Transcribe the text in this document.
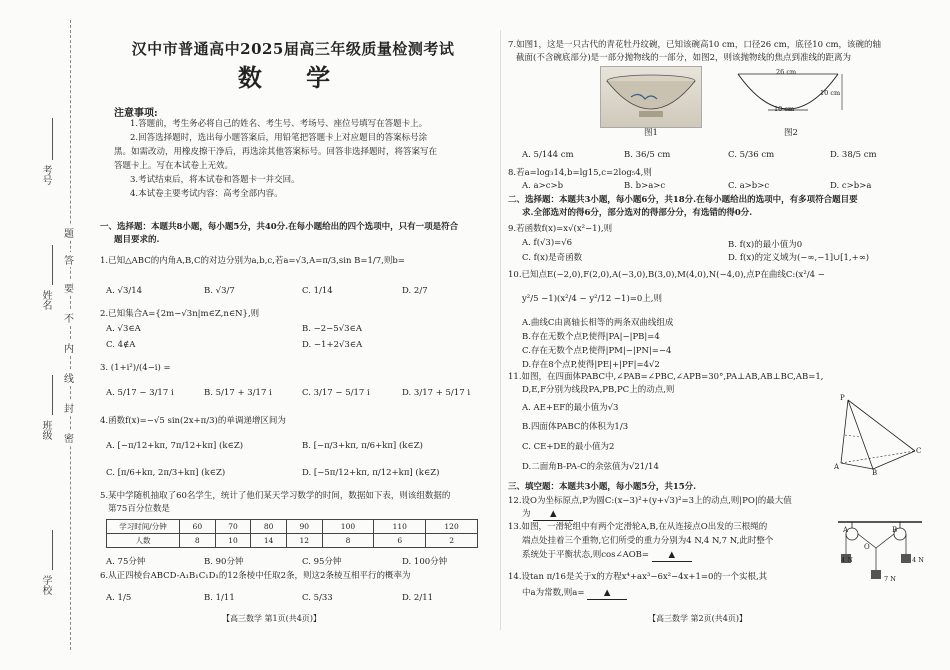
考号
姓名
班级
学校
题
答
要
不
内
线
封
密
汉中市普通高中2025届高三年级质量检测考试
数 学
注意事项:
1.答题前，考生务必将自己的姓名、考生号、考场号、座位号填写在答题卡上。
2.回答选择题时，选出每小题答案后，用铅笔把答题卡上对应题目的答案标号涂
黑。如需改动，用橡皮擦干净后，再选涂其他答案标号。回答非选择题时，将答案写在
答题卡上。写在本试卷上无效。
3.考试结束后，将本试卷和答题卡一并交回。
4.本试卷主要考试内容：高考全部内容。
一、选择题：本题共8小题，每小题5分，共40分.在每小题给出的四个选项中，只有一项是符合
题目要求的.
1.已知△ABC的内角A,B,C的对边分别为a,b,c,若a=√3,A=π/3,sin B=1/7,则b=
A. √3/14	B. √3/7	C. 1/14	D. 2/7
2.已知集合A={2m−√3n|m∈Z,n∈N},则
A. √3∈A	B. −2−5√3∈A
C. 4∉A	D. −1+2√3∈A
3. (1+i²)/(4−i) =
A. 5/17 − 3/17 i	B. 5/17 + 3/17 i	C. 3/17 − 5/17 i	D. 3/17 + 5/17 i
4.函数f(x)=−√5 sin(2x+π/3)的单调递增区间为
A. [−π/12+kπ, 7π/12+kπ] (k∈Z)	B. [−π/3+kπ, π/6+kπ] (k∈Z)
C. [π/6+kπ, 2π/3+kπ] (k∈Z)	D. [−5π/12+kπ, π/12+kπ] (k∈Z)
5.某中学随机抽取了60名学生，统计了他们某天学习数学的时间，数据如下表，则该组数据的
第75百分位数是
学习时间/分钟	60	70	80	90	100	110	120
人数	8	10	14	12	8	6	2
A. 75分钟	B. 90分钟	C. 95分钟	D. 100分钟
6.从正四棱台ABCD-A₁B₁C₁D₁的12条棱中任取2条，则这2条棱互相平行的概率为
A. 1/5	B. 1/11	C. 5/33	D. 2/11
【高三数学 第1页(共4页)】
7.如图1，这是一只古代的青花牡丹纹碗，已知该碗高10 cm，口径26 cm，底径10 cm，该碗的轴
截面(不含碗底部分)是一部分抛物线的一部分，如图2，则该抛物线的焦点到准线的距离为
图1
26 cm
10 cm
10 cm
图2
A. 5/144 cm	B. 36/5 cm	C. 5/36 cm	D. 38/5 cm
8.若a=log₃14,b=lg15,c=2log₅4,则
A. a>c>b	B. b>a>c	C. a>b>c	D. c>b>a
二、选择题：本题共3小题，每小题6分，共18分.在每小题给出的选项中，有多项符合题目要
求.全部选对的得6分，部分选对的得部分分，有选错的得0分.
9.若函数f(x)=x√(x²−1),则
A. f(√3)=√6	B. f(x)的最小值为0
C. f(x)是奇函数	D. f(x)的定义域为(−∞,−1]∪[1,+∞)
10.已知点E(−2,0),F(2,0),A(−3,0),B(3,0),M(4,0),N(−4,0),点P在曲线C:(x²/4 −
y²/5 −1)(x²/4 − y²/12 −1)=0上,则
A.曲线C由离轴长相等的两条双曲线组成
B.存在无数个点P,使得|PA|−|PB|=4
C.存在无数个点P,使得|PM|−|PN|=−4
D.存在8个点P,使得|PE|+|PF|=4√2
11.如图，在四面体PABC中,∠PAB=∠PBC,∠APB=30°,PA⊥AB,AB⊥BC,AB=1,
D,E,F分别为线段PA,PB,PC上的动点,则
A. AE+EF的最小值为√3
B.四面体PABC的体积为1/3
C. CE+DE的最小值为2
D.二面角B-PA-C的余弦值为√21/14
P
A
B
C
三、填空题：本题共3小题，每小题5分，共15分.
12.设O为坐标原点,P为圆C:(x−3)²+(y+√3)²=3上的动点,则|PO|的最大值
为 ▲
13.如图，一滑轮组中有两个定滑轮A,B,在从连接点O出发的三根绳的
端点处挂着三个重物,它们所受的重力分别为4 N,4 N,7 N,此时整个
系统处于平衡状态,则cos∠AOB= ▲
A	B
O
4 N	4 N
7 N
14.设tan π/16是关于x的方程x⁴+ax³−6x²−4x+1=0的一个实根,其
中a为常数,则a= ▲
【高三数学 第2页(共4页)】
